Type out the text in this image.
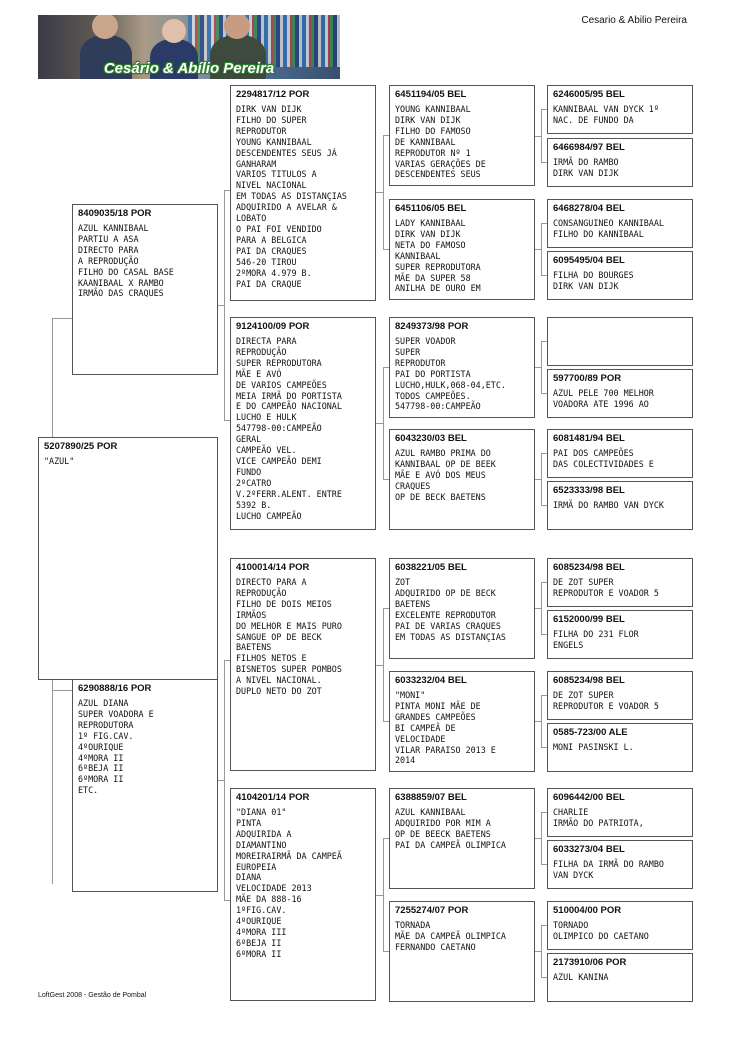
Cesário & Abílio Pereira
Cesario & Abilio Pereira
5207890/25 POR
"AZUL"
8409035/18 POR
AZUL KANNIBAAL
PARTIU A ASA
DIRECTO PARA
A REPRODUÇÃO
FILHO DO CASAL BASE
KAANIBAAL X RAMBO
IRMÃO DAS CRAQUES
6290888/16 POR
AZUL DIANA
SUPER VOADORA E
REPRODUTORA
1º FIG.CAV.
4ºOURIQUE
4ºMORA II
6ºBEJA II
6ºMORA II
ETC.
2294817/12 POR
DIRK VAN DIJK
FILHO DO SUPER
REPRODUTOR
YOUNG KANNIBAAL
DESCENDENTES SEUS JÁ
GANHARAM
VARIOS TITULOS A
NIVEL NACIONAL
EM TODAS AS DISTANÇIAS
ADQUIRIDO A AVELAR &
LOBATO
O PAI FOI VENDIDO
PARA A BELGICA
PAI DA CRAQUES
546-20 TIROU
2ºMORA 4.979 B.
PAI DA CRAQUE
9124100/09 POR
DIRECTA PARA
REPRODUÇÃO
SUPER REPRODUTORA
MÃE E AVÓ
DE VARIOS CAMPEÕES
MEIA IRMÃ DO PORTISTA
E DO CAMPEÃO NACIONAL
LUCHO E HULK
547798-00:CAMPEÃO
GERAL
CAMPEÃO VEL.
VICE CAMPEÃO DEMI
FUNDO
2ºCATRO
V.2ºFERR.ALENT. ENTRE
5392 B.
LUCHO CAMPEÃO
4100014/14 POR
DIRECTO PARA A
REPRODUÇÃO
FILHO DE DOIS MEIOS
IRMÃOS
DO MELHOR E MAIS PURO
SANGUE OP DE BECK
BAETENS
FILHOS NETOS E
BISNETOS SUPER POMBOS
A NIVEL NACIONAL.
DUPLO NETO DO ZOT
4104201/14 POR
"DIANA 01"
PINTA
ADQUIRIDA A
DIAMANTINO
MOREIRAIRMÃ DA CAMPEÃ
EUROPEIA
DIANA
VELOCIDADE 2013
MÃE DA 888-16
1ºFIG.CAV.
4ºOURIQUE
4ºMORA III
6ºBEJA II
6ºMORA II
6451194/05 BEL
YOUNG KANNIBAAL
DIRK VAN DIJK
FILHO DO FAMOSO
DE KANNIBAAL
REPRODUTOR Nº 1
VARIAS GERAÇÕES DE
DESCENDENTES SEUS
6451106/05 BEL
LADY KANNIBAAL
DIRK VAN DIJK
NETA DO FAMOSO
KANNIBAAL
SUPER REPRODUTORA
MÃE DA SUPER 58
ANILHA DE OURO EM
8249373/98 POR
SUPER VOADOR
SUPER
REPRODUTOR
PAI DO PORTISTA
LUCHO,HULK,068-04,ETC.
TODOS CAMPEÕES.
547798-00:CAMPEÃO
6043230/03 BEL
AZUL RAMBO PRIMA DO
KANNIBAAL OP DE BEEK
MÃE E AVÓ DOS MEUS
CRAQUES
OP DE BECK BAETENS
6038221/05 BEL
ZOT
ADQUIRIDO OP DE BECK
BAETENS
EXCELENTE REPRODUTOR
PAI DE VARIAS CRAQUES
EM TODAS AS DISTANÇIAS
6033232/04 BEL
"MONI"
PINTA MONI MÃE DE
GRANDES CAMPEÕES
BI CAMPEÃ DE
VELOCIDADE
VILAR PARAISO 2013 E
2014
6388859/07 BEL
AZUL KANNIBAAL
ADQUIRIDO POR MIM A
OP DE BEECK BAETENS
PAI DA CAMPEÃ OLIMPICA
7255274/07 POR
TORNADA
MÃE DA CAMPEÃ OLIMPICA
FERNANDO CAETANO
6246005/95 BEL
KANNIBAAL VAN DYCK 1º
NAC. DE FUNDO DA
6466984/97 BEL
IRMÃ DO RAMBO
DIRK VAN DIJK
6468278/04 BEL
CONSANGUINEO KANNIBAAL
FILHO DO KANNIBAAL
6095495/04 BEL
FILHA DO BOURGES
DIRK VAN DIJK
597700/89 POR
AZUL PELE 700 MELHOR
VOADORA ATE 1996 AO
6081481/94 BEL
PAI DOS CAMPEÕES
DAS COLECTIVIDADES E
6523333/98 BEL
IRMÃ DO RAMBO VAN DYCK
6085234/98 BEL
DE ZOT SUPER
REPRODUTOR E VOADOR 5
6152000/99 BEL
FILHA DO 231 FLOR
ENGELS
6085234/98 BEL
DE ZOT SUPER
REPRODUTOR E VOADOR 5
0585-723/00 ALE
MONI PASINSKI L.
6096442/00 BEL
CHARLIE
IRMÃO DO PATRIOTA,
6033273/04 BEL
FILHA DA IRMÃ DO RAMBO
VAN DYCK
510004/00 POR
TORNADO
OLIMPICO DO CAETANO
2173910/06 POR
AZUL KANINA
LoftGest 2008 - Gestão de Pombal
